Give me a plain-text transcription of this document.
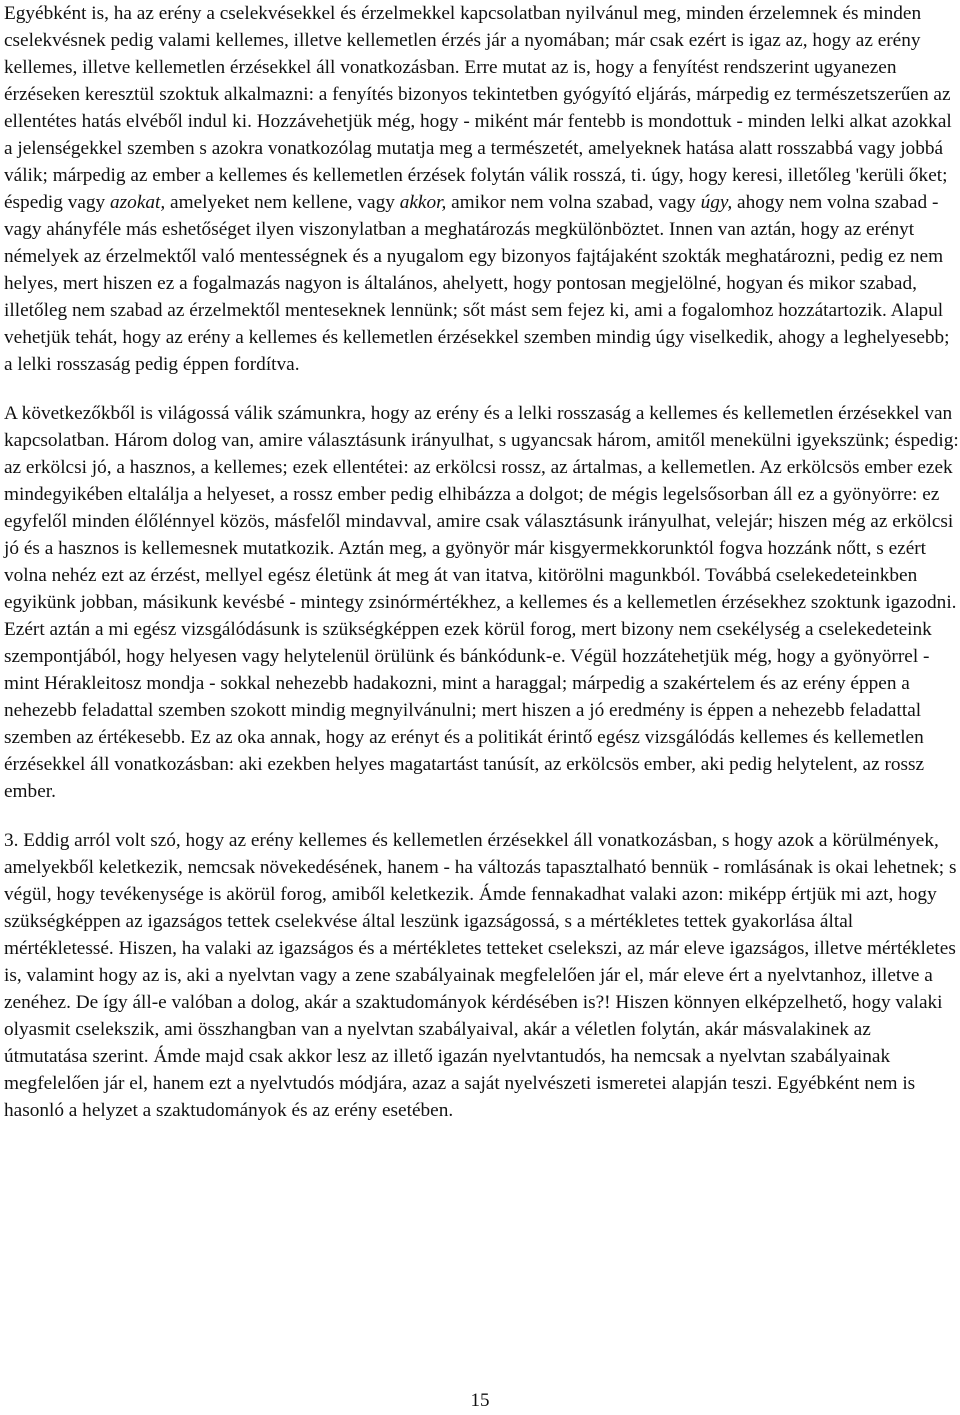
Egyébként is, ha az erény a cselekvésekkel és érzelmekkel kapcsolatban nyilvánul meg, minden érzelemnek és minden cselekvésnek pedig valami kellemes, illetve kellemetlen érzés jár a nyomában; már csak ezért is igaz az, hogy az erény kellemes, illetve kellemetlen érzésekkel áll vonatkozásban. Erre mutat az is, hogy a fenyítést rendszerint ugyanezen érzéseken keresztül szoktuk alkalmazni: a fenyítés bizonyos tekintetben gyógyító eljárás, márpedig ez természetszerűen az ellentétes hatás elvéből indul ki. Hozzávehetjük még, hogy - miként már fentebb is mondottuk - minden lelki alkat azokkal a jelenségekkel szemben s azokra vonatkozólag mutatja meg a természetét, amelyeknek hatása alatt rosszabbá vagy jobbá válik; márpedig az ember a kellemes és kellemetlen érzések folytán válik rosszá, ti. úgy, hogy keresi, illetőleg 'kerüli őket; éspedig vagy azokat, amelyeket nem kellene, vagy akkor, amikor nem volna szabad, vagy úgy, ahogy nem volna szabad - vagy ahányféle más eshetőséget ilyen viszonylatban a meghatározás megkülönböztet. Innen van aztán, hogy az erényt némelyek az érzelmektől való mentességnek és a nyugalom egy bizonyos fajtájaként szokták meghatározni, pedig ez nem helyes, mert hiszen ez a fogalmazás nagyon is általános, ahelyett, hogy pontosan megjelölné, hogyan és mikor szabad, illetőleg nem szabad az érzelmektől menteseknek lennünk; sőt mást sem fejez ki, ami a fogalomhoz hozzátartozik. Alapul vehetjük tehát, hogy az erény a kellemes és kellemetlen érzésekkel szemben mindig úgy viselkedik, ahogy a leghelyesebb; a lelki rosszaság pedig éppen fordítva.

A következőkből is világossá válik számunkra, hogy az erény és a lelki rosszaság a kellemes és kellemetlen érzésekkel van kapcsolatban. Három dolog van, amire választásunk irányulhat, s ugyancsak három, amitől menekülni igyekszünk; éspedig: az erkölcsi jó, a hasznos, a kellemes; ezek ellentétei: az erkölcsi rossz, az ártalmas, a kellemetlen. Az erkölcsös ember ezek mindegyikében eltalálja a helyeset, a rossz ember pedig elhibázza a dolgot; de mégis legelsősorban áll ez a gyönyörre: ez egyfelől minden élőlénnyel közös, másfelől mindavval, amire csak választásunk irányulhat, velejár; hiszen még az erkölcsi jó és a hasznos is kellemesnek mutatkozik. Aztán meg, a gyönyör már kisgyermekkorunktól fogva hozzánk nőtt, s ezért volna nehéz ezt az érzést, mellyel egész életünk át meg át van itatva, kitörölni magunkból. Továbbá cselekedeteinkben egyikünk jobban, másikunk kevésbé - mintegy zsinórmértékhez, a kellemes és a kellemetlen érzésekhez szoktunk igazodni. Ezért aztán a mi egész vizsgálódásunk is szükségképpen ezek körül forog, mert bizony nem csekélység a cselekedeteink szempontjából, hogy helyesen vagy helytelenül örülünk és bánkódunk-e. Végül hozzátehetjük még, hogy a gyönyörrel - mint Hérakleitosz mondja - sokkal nehezebb hadakozni, mint a haraggal; márpedig a szakértelem és az erény éppen a nehezebb feladattal szemben szokott mindig megnyilvánulni; mert hiszen a jó eredmény is éppen a nehezebb feladattal szemben az értékesebb. Ez az oka annak, hogy az erényt és a politikát érintő egész vizsgálódás kellemes és kellemetlen érzésekkel áll vonatkozásban: aki ezekben helyes magatartást tanúsít, az erkölcsös ember, aki pedig helytelent, az rossz ember.

3. Eddig arról volt szó, hogy az erény kellemes és kellemetlen érzésekkel áll vonatkozásban, s hogy azok a körülmények, amelyekből keletkezik, nemcsak növekedésének, hanem - ha változás tapasztalható bennük - romlásának is okai lehetnek; s végül, hogy tevékenysége is akörül forog, amiből keletkezik. Ámde fennakadhat valaki azon: miképp értjük mi azt, hogy szükségképpen az igazságos tettek cselekvése által leszünk igazságossá, s a mértékletes tettek gyakorlása által mértékletessé. Hiszen, ha valaki az igazságos és a mértékletes tetteket cselekszi, az már eleve igazságos, illetve mértékletes is, valamint hogy az is, aki a nyelvtan vagy a zene szabályainak megfelelően jár el, már eleve ért a nyelvtanhoz, illetve a zenéhez. De így áll-e valóban a dolog, akár a szaktudományok kérdésében is?! Hiszen könnyen elképzelhető, hogy valaki olyasmit cselekszik, ami összhangban van a nyelvtan szabályaival, akár a véletlen folytán, akár másvalakinek az útmutatása szerint. Ámde majd csak akkor lesz az illető igazán nyelvtantudós, ha nemcsak a nyelvtan szabályainak megfelelően jár el, hanem ezt a nyelvtudós módjára, azaz a saját nyelvészeti ismeretei alapján teszi. Egyébként nem is hasonló a helyzet a szaktudományok és az erény esetében.

15
